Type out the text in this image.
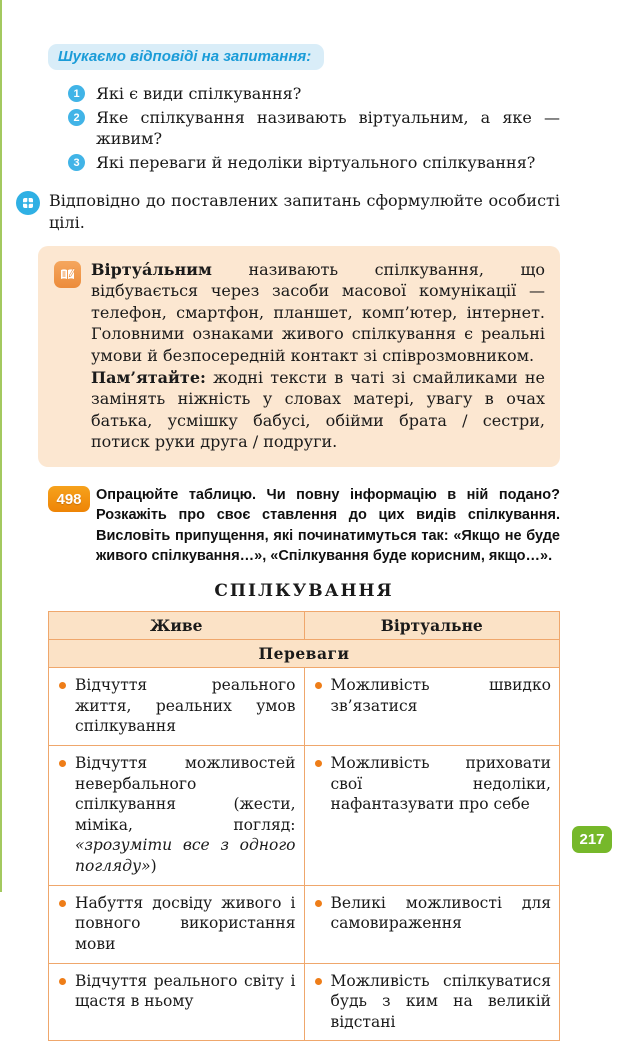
Шукаємо відповіді на запитання:
1	Які є види спілкування?
2	Яке спілкування називають віртуальним, а яке — живим?
3	Які переваги й недоліки віртуального спілкування?
Відповідно до поставлених запитань сформулюйте особисті цілі.
Віртуа́льним називають спілкування, що відбувається через засоби масової комунікації — телефон, смартфон, планшет, комп’ютер, інтернет. Головними ознаками живого спілкування є реальні умови й безпосередній контакт зі співрозмовником.
Пам’ятайте: жодні тексти в чаті зі смайликами не замінять ніжність у словах матері, увагу в очах батька, усмішку бабусі, обійми брата / сестри, потиск руки друга / подруги.
498 Опрацюйте таблицю. Чи повну інформацію в ній подано? Розкажіть про своє ставлення до цих видів спілкування. Висловіть припущення, які починатимуться так: «Якщо не буде живого спілкування…», «Спілкування буде корисним, якщо…».
СПІЛКУВАННЯ
Живе	Віртуальне
Переваги	

Відчуття реального життя, реальних умов спілкування	Можливість швидко зв’язатися

Відчуття можливостей невербального спілкування (жести, міміка, погляд: «зрозуміти все з одного погляду»)	Можливість приховати свої недоліки, нафантазувати про себе

Набуття досвіду живого і повного використання мови	Великі можливості для самовираження

Відчуття реального світу і щастя в ньому	Можливість спілкуватися будь з ким на великій відстані
217
